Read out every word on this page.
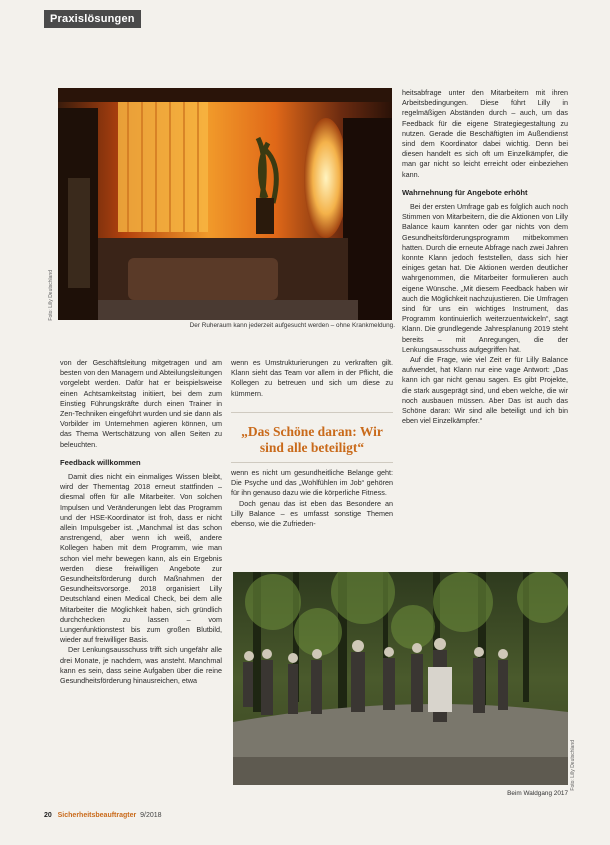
Praxislösungen
Foto: Lilly Deutschland
Der Ruheraum kann jederzeit aufgesucht werden – ohne Krankmeldung.

heitsabfrage unter den Mitarbeitern mit ihren Arbeitsbedingungen. Diese führt Lilly in regelmäßigen Abständen durch – auch, um das Feedback für die eigene Strategiegestaltung zu nutzen. Gerade die Beschäftigten im Außendienst sind dem Koordinator dabei wichtig. Denn bei diesen handelt es sich oft um Einzelkämpfer, die man gar nicht so leicht erreicht oder einbeziehen kann.

Wahrnehnung für Angebote erhöht

Bei der ersten Umfrage gab es folglich auch noch Stimmen von Mitarbeitern, die die Aktionen von Lilly Balance kaum kannten oder gar nichts von dem Gesundheitsförderungsprogramm mitbekommen hatten. Durch die erneute Abfrage nach zwei Jahren konnte Klann jedoch feststellen, dass sich hier einiges getan hat. Die Aktionen werden deutlicher wahrgenommen, die Mitarbeiter formulieren auch eigene Wünsche. „Mit diesem Feedback haben wir auch die Möglichkeit nachzujustieren. Die Umfragen sind für uns ein wichtiges Instrument, das Programm kontinuierlich weiterzuentwickeln“, sagt Klann. Die grundlegende Jahresplanung 2019 steht bereits – mit Anregungen, die der Lenkungsausschuss aufgegriffen hat.

Auf die Frage, wie viel Zeit er für Lilly Balance aufwendet, hat Klann nur eine vage Antwort: „Das kann ich gar nicht genau sagen. Es gibt Projekte, die stark ausgeprägt sind, und eben welche, die wir noch ausbauen müssen. Aber Das ist auch das Schöne daran: Wir sind alle beteiligt und ich bin eben viel Einzelkämpfer.“

von der Geschäftsleitung mitgetragen und am besten von den Managern und Abteilungsleitungen vorgelebt werden. Dafür hat er beispielsweise einen Achtsamkeitstag initiiert, bei dem zum Einstieg Führungskräfte durch einen Trainer in Zen-Techniken eingeführt wurden und sie dann als Vorbilder im Unternehmen agieren können, um das Thema Wertschätzung von allen Seiten zu beleuchten.

Feedback willkommen

Damit dies nicht ein einmaliges Wissen bleibt, wird der Thementag 2018 erneut stattfinden – diesmal offen für alle Mitarbeiter. Von solchen Impulsen und Veränderungen lebt das Programm und der HSE-Koordinator ist froh, dass er nicht allein Impulsgeber ist. „Manchmal ist das schon anstrengend, aber wenn ich weiß, andere Kollegen haben mit dem Programm, wie man schon viel mehr bewegen kann, als ein Ergebnis werden diese freiwilligen Angebote zur Gesundheitsförderung durch Maßnahmen der Gesundheitsvorsorge. 2018 organisiert Lilly Deutschland einen Medical Check, bei dem alle Mitarbeiter die Möglichkeit haben, sich gründlich durchchecken zu lassen – vom Lungenfunktionstest bis zum großen Blutbild, wieder auf freiwilliger Basis.

Der Lenkungsausschuss trifft sich ungefähr alle drei Monate, je nachdem, was ansteht. Manchmal kann es sein, dass seine Aufgaben über die reine Gesundheitsförderung hinausreichen, etwa

wenn es Umstrukturierungen zu verkraften gilt. Klann sieht das Team vor allem in der Pflicht, die Kollegen zu betreuen und sich um diese zu kümmern.

„Das Schöne daran: Wir sind alle beteiligt“

wenn es nicht um gesundheitliche Belange geht: Die Psyche und das „Wohlfühlen im Job“ gehören für ihn genauso dazu wie die körperliche Fitness.

Doch genau das ist eben das Besondere an Lilly Balance – es umfasst sonstige Themen ebenso, wie die Zufrieden-

Foto: Lilly Deutschland
Beim Waldgang 2017
20 Sicherheitsbeauftragter 9/2018
